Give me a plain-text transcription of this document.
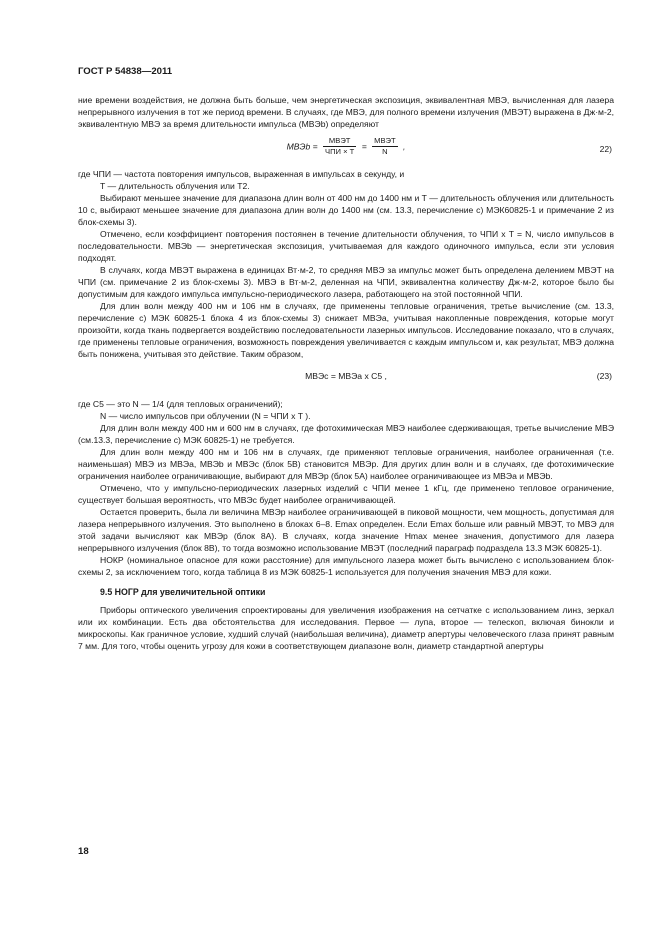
ГОСТ Р 54838—2011

ние времени воздействия, не должна быть больше, чем энергетическая экспозиция, эквивалентная МВЭ, вычисленная для лазера непрерывного излучения в тот же период времени. В случаях, где МВЭ, для полного времени излучения (МВЭT) выражена в Дж·м-2, эквивалентную МВЭ за время длительности импульса (МВЭb) определяют

МВЭb = $\frac{\text{МВЭT}}{\text{ЧПИ × T}} = \frac{\text{МВЭT}}{N}$ ,	22)

где ЧПИ — частота повторения импульсов, выраженная в импульсах в секунду, и

T — длительность облучения или T2.

Выбирают меньшее значение для диапазона длин волн от 400 нм до 1400 нм и T — длительность облучения или длительность 10 с, выбирают меньшее значение для диапазона длин волн до 1400 нм (см. 13.3, перечисление с) МЭК60825-1 и примечание 2 из блок-схемы 3).

Отмечено, если коэффициент повторения постоянен в течение длительности облучения, то ЧПИ х T = N, число импульсов в последовательности. МВЭb — энергетическая экспозиция, учитываемая для каждого одиночного импульса, если эти условия подходят.

В случаях, когда МВЭT выражена в единицах Вт·м-2, то средняя МВЭ за импульс может быть определена делением МВЭT на ЧПИ (см. примечание 2 из блок-схемы 3). МВЭ в Вт·м-2, деленная на ЧПИ, эквивалентна количеству Дж·м-2, которое было бы допустимым для каждого импульса импульсно-периодического лазера, работающего на этой постоянной ЧПИ.

Для длин волн между 400 нм и 106 нм в случаях, где применены тепловые ограничения, третье вычисление (см. 13.3, перечисление с) МЭК 60825-1 блока 4 из блок-схемы 3) снижает МВЭa, учитывая накопленные повреждения, которые могут произойти, когда ткань подвергается воздействию последовательности лазерных импульсов. Исследование показало, что в случаях, где применены тепловые ограничения, возможность повреждения увеличивается с каждым импульсом и, как результат, МВЭ должна быть понижена, учитывая это действие. Таким образом,

МВЭc = МВЭa х C5 ,	(23)

где C5 — это N — 1/4 (для тепловых ограничений);

N — число импульсов при облучении (N = ЧПИ х T ).

Для длин волн между 400 нм и 600 нм в случаях, где фотохимическая МВЭ наиболее сдерживающая, третье вычисление МВЭ (см.13.3, перечисление с) МЭК 60825-1) не требуется.

Для длин волн между 400 нм и 106 нм в случаях, где применяют тепловые ограничения, наиболее ограниченная (т.е. наименьшая) МВЭ из МВЭa, МВЭb и МВЭc (блок 5B) становится МВЭp. Для других длин волн и в случаях, где фотохимические ограничения наиболее ограничивающие, выбирают для МВЭp (блок 5A) наиболее ограничивающее из МВЭa и МВЭb.

Отмечено, что у импульсно-периодических лазерных изделий с ЧПИ менее 1 кГц, где применено тепловое ограничение, существует большая вероятность, что МВЭc будет наиболее ограничивающей.

Остается проверить, была ли величина МВЭp наиболее ограничивающей в пиковой мощности, чем мощность, допустимая для лазера непрерывного излучения. Это выполнено в блоках 6–8. Emax определен. Если Emax больше или равный МВЭT, то МВЭ для этой задачи вычисляют как МВЭp (блок 8A). В случаях, когда значение Hmax менее значения, допустимого для лазера непрерывного излучения (блок 8B), то тогда возможно использование МВЭT (последний параграф подраздела 13.3 МЭК 60825-1).

НОКР (номинальное опасное для кожи расстояние) для импульсного лазера может быть вычислено с использованием блок-схемы 2, за исключением того, когда таблица 8 из МЭК 60825-1 используется для получения значения МВЭ для кожи.

9.5 НОГР для увеличительной оптики

Приборы оптического увеличения спроектированы для увеличения изображения на сетчатке с использованием линз, зеркал или их комбинации. Есть два обстоятельства для исследования. Первое — лупа, второе — телескоп, включая бинокли и микроскопы. Как граничное условие, худший случай (наибольшая величина), диаметр апертуры человеческого глаза принят равным 7 мм. Для того, чтобы оценить угрозу для кожи в соответствующем диапазоне волн, диаметр стандартной апертуры

18
